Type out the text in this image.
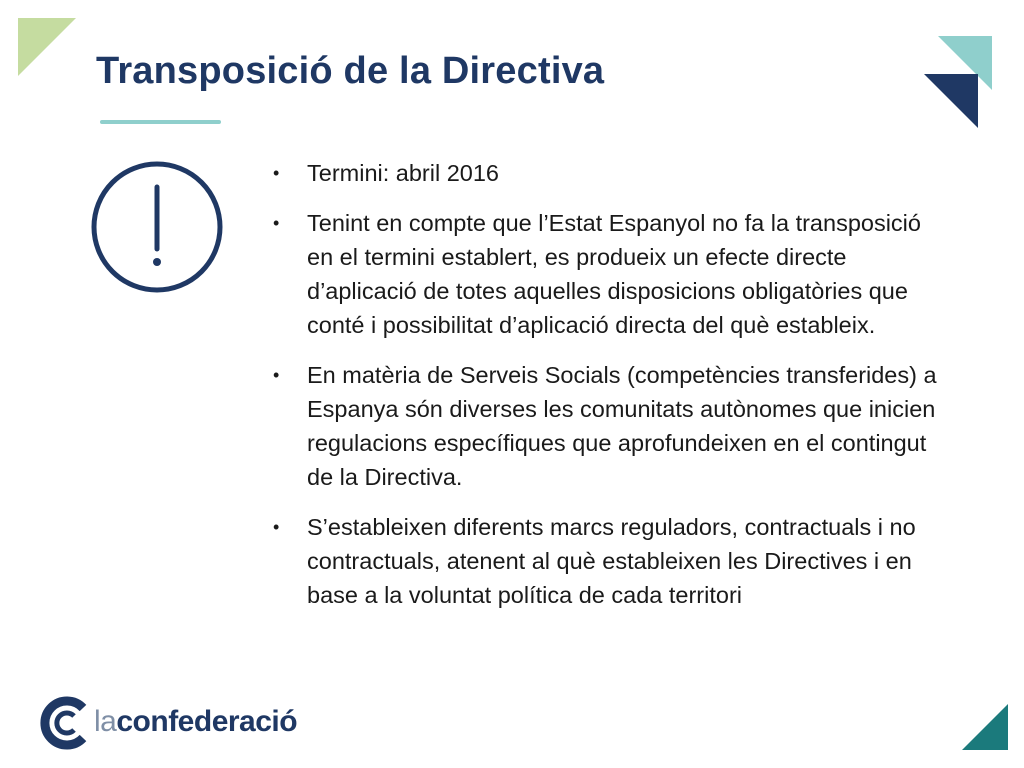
Transposició de la Directiva
• Termini: abril 2016
• Tenint en compte que l’Estat Espanyol no fa la transposició en el termini establert, es produeix un efecte directe d’aplicació de totes aquelles disposicions obligatòries que conté i possibilitat d’aplicació directa del què estableix.
• En matèria de Serveis Socials (competències transferides) a Espanya són diverses les comunitats autònomes que inicien regulacions específiques que aprofundeixen en el contingut de la Directiva.
• S’estableixen diferents marcs reguladors, contractuals i no contractuals, atenent al què estableixen les Directives i en base a la voluntat política de cada territori
laconfederació
